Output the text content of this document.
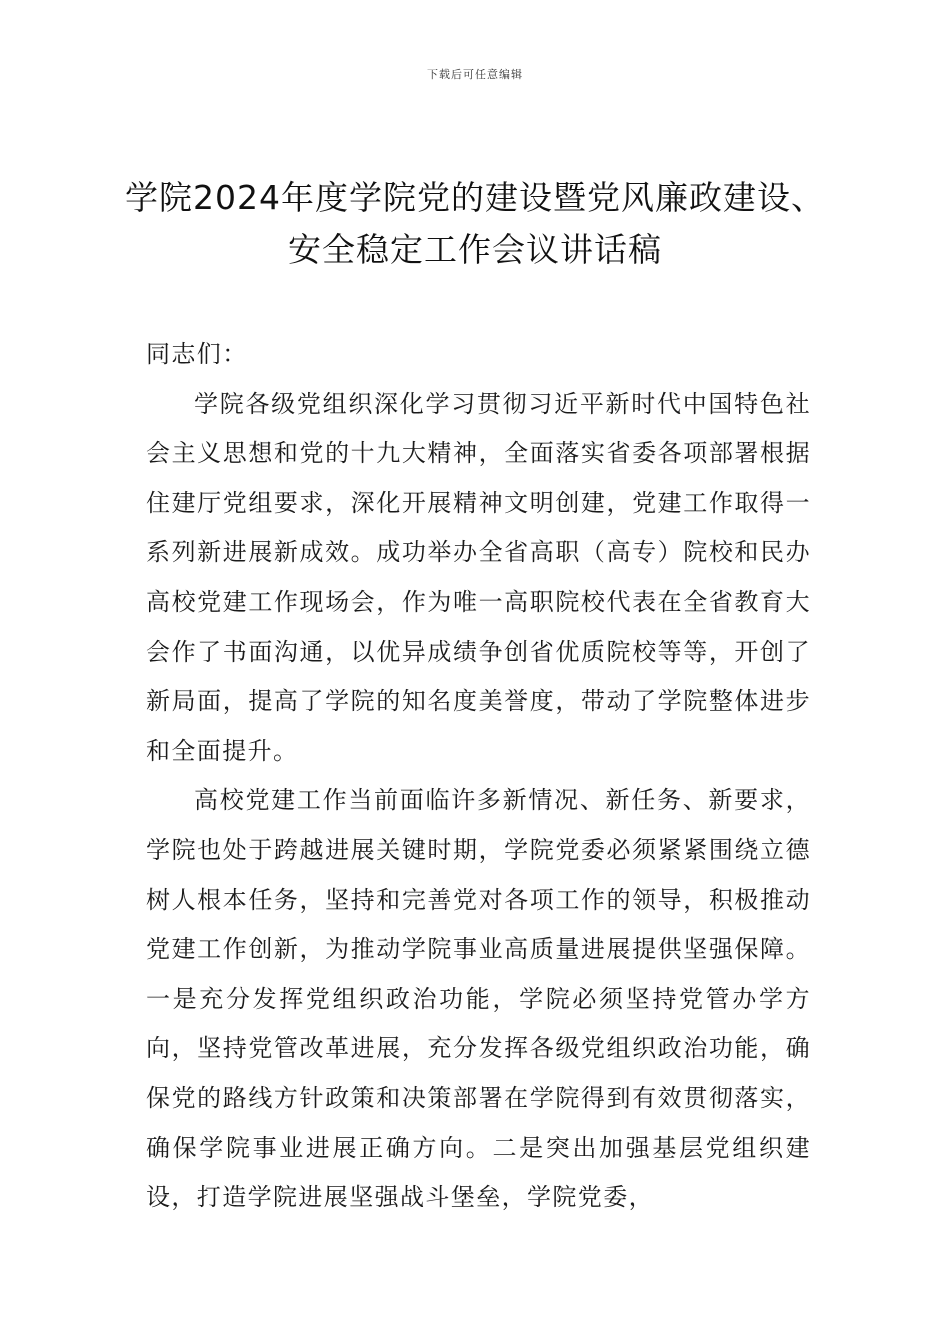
下载后可任意编辑
学院2024年度学院党的建设暨党风廉政建设、安全稳定工作会议讲话稿

同志们：

学院各级党组织深化学习贯彻习近平新时代中国特色社会主义思想和党的十九大精神，全面落实省委各项部署根据住建厅党组要求，深化开展精神文明创建，党建工作取得一系列新进展新成效。成功举办全省高职（高专）院校和民办高校党建工作现场会，作为唯一高职院校代表在全省教育大会作了书面沟通，以优异成绩争创省优质院校等等，开创了新局面，提高了学院的知名度美誉度，带动了学院整体进步和全面提升。

高校党建工作当前面临许多新情况、新任务、新要求，学院也处于跨越进展关键时期，学院党委必须紧紧围绕立德树人根本任务，坚持和完善党对各项工作的领导，积极推动党建工作创新，为推动学院事业高质量进展提供坚强保障。一是充分发挥党组织政治功能，学院必须坚持党管办学方向，坚持党管改革进展，充分发挥各级党组织政治功能，确保党的路线方针政策和决策部署在学院得到有效贯彻落实，确保学院事业进展正确方向。二是突出加强基层党组织建设，打造学院进展坚强战斗堡垒，学院党委，
